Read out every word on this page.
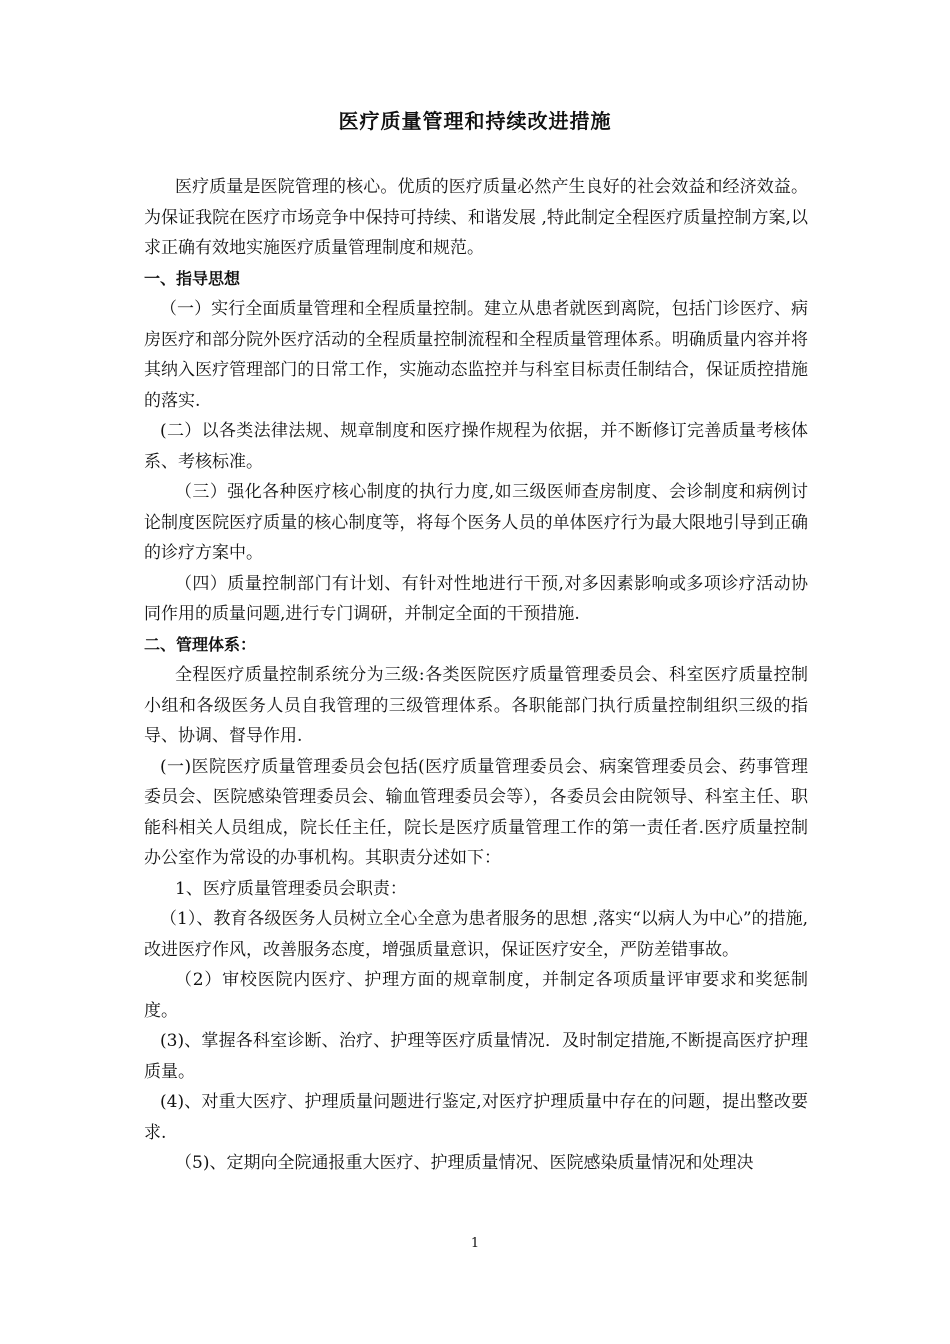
医疗质量管理和持续改进措施

医疗质量是医院管理的核心。优质的医疗质量必然产生良好的社会效益和经济效益。为保证我院在医疗市场竞争中保持可持续、和谐发展 ,特此制定全程医疗质量控制方案,以求正确有效地实施医疗质量管理制度和规范。

一、指导思想

（一）实行全面质量管理和全程质量控制。建立从患者就医到离院，包括门诊医疗、病房医疗和部分院外医疗活动的全程质量控制流程和全程质量管理体系。明确质量内容并将其纳入医疗管理部门的日常工作，实施动态监控并与科室目标责任制结合，保证质控措施的落实.

(二）以各类法律法规、规章制度和医疗操作规程为依据，并不断修订完善质量考核体系、考核标准。

（三）强化各种医疗核心制度的执行力度,如三级医师查房制度、会诊制度和病例讨论制度医院医疗质量的核心制度等，将每个医务人员的单体医疗行为最大限地引导到正确的诊疗方案中。

（四）质量控制部门有计划、有针对性地进行干预,对多因素影响或多项诊疗活动协同作用的质量问题,进行专门调研，并制定全面的干预措施.

二、管理体系：

全程医疗质量控制系统分为三级:各类医院医疗质量管理委员会、科室医疗质量控制小组和各级医务人员自我管理的三级管理体系。各职能部门执行质量控制组织三级的指导、协调、督导作用.

(一)医院医疗质量管理委员会包括(医疗质量管理委员会、病案管理委员会、药事管理委员会、医院感染管理委员会、输血管理委员会等），各委员会由院领导、科室主任、职能科相关人员组成，院长任主任，院长是医疗质量管理工作的第一责任者.医疗质量控制办公室作为常设的办事机构。其职责分述如下：

1、医疗质量管理委员会职责：

（1）、教育各级医务人员树立全心全意为患者服务的思想 ,落实“以病人为中心”的措施,改进医疗作风，改善服务态度，增强质量意识，保证医疗安全，严防差错事故。

（2）审校医院内医疗、护理方面的规章制度，并制定各项质量评审要求和奖惩制度。

(3)、掌握各科室诊断、治疗、护理等医疗质量情况．及时制定措施,不断提高医疗护理质量。

(4)、对重大医疗、护理质量问题进行鉴定,对医疗护理质量中存在的问题，提出整改要求.

（5)、定期向全院通报重大医疗、护理质量情况、医院感染质量情况和处理决

1
